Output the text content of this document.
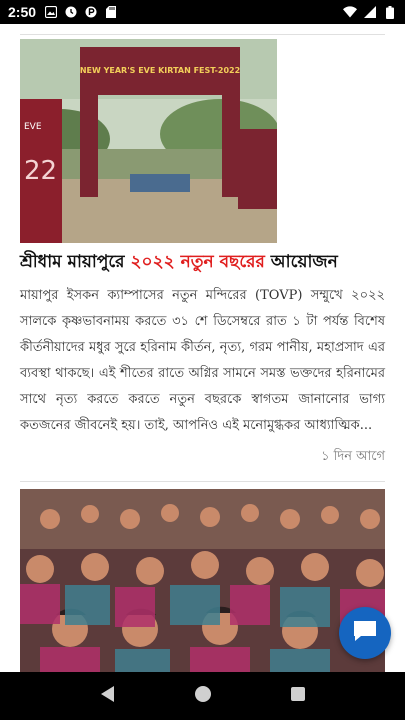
2:50
NEW YEAR'S EVE KIRTAN FEST-2022
EVE
22
শ্রীধাম মায়াপুরে ২০২২ নতুন বছরের আয়োজন
মায়াপুর ইসকন ক্যাম্পাসের নতুন মন্দিরের (TOVP) সম্মুখে ২০২২ সালকে কৃষ্ণভাবনাময় করতে ৩১ শে ডিসেম্বরে রাত ১ টা পর্যন্ত বিশেষ কীর্তনীয়াদের মধুর সুরে হরিনাম কীর্তন, নৃত্য, গরম পানীয়, মহাপ্রসাদ এর ব্যবস্থা থাকছে। এই শীতের রাতে অগ্নির সামনে সমস্ত ভক্তদের হরিনামের সাথে নৃত্য করতে করতে নতুন বছরকে স্বাগতম জানানোর ভাগ্য কতজনের জীবনেই হয়। তাই, আপনিও এই মনোমুগ্ধকর আধ্যাত্মিক...
১ দিন আগে
